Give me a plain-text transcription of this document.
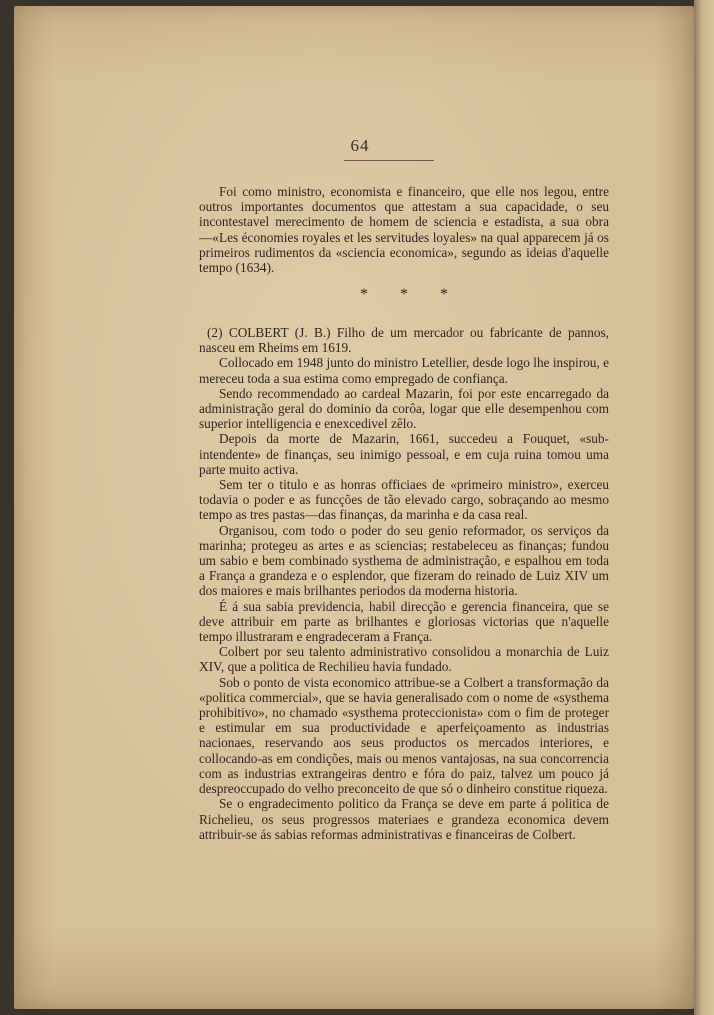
64

Foi como ministro, economista e financeiro, que elle nos legou, entre outros importantes documentos que attestam a sua capacidade, o seu incontestavel merecimento de homem de sciencia e estadista, a sua obra—«Les économies royales et les servitudes loyales» na qual apparecem já os primeiros rudimentos da «sciencia economica», segundo as ideias d'aquelle tempo (1634).

* * *

(2) COLBERT (J. B.) Filho de um mercador ou fabricante de pannos, nasceu em Rheims em 1619.

Collocado em 1948 junto do ministro Letellier, desde logo lhe inspirou, e mereceu toda a sua estima como empregado de confiança.

Sendo recommendado ao cardeal Mazarin, foi por este encarregado da administração geral do dominio da corôa, logar que elle desempenhou com superior intelligencia e enexcedivel zêlo.

Depois da morte de Mazarin, 1661, succedeu a Fouquet, «sub-intendente» de finanças, seu inimigo pessoal, e em cuja ruina tomou uma parte muito activa.

Sem ter o titulo e as honras officiaes de «primeiro ministro», exerceu todavia o poder e as funcções de tão elevado cargo, sobraçando ao mesmo tempo as tres pastas—das finanças, da marinha e da casa real.

Organisou, com todo o poder do seu genio reformador, os serviços da marinha; protegeu as artes e as sciencias; restabeleceu as finanças; fundou um sabio e bem combinado systhema de administração, e espalhou em toda a França a grandeza e o esplendor, que fizeram do reinado de Luiz XIV um dos maiores e mais brilhantes periodos da moderna historia.

É á sua sabia previdencia, habil direcção e gerencia financeira, que se deve attribuir em parte as brilhantes e gloriosas victorias que n'aquelle tempo illustraram e engradeceram a França.

Colbert por seu talento administrativo consolidou a monarchia de Luiz XIV, que a politica de Rechilieu havia fundado.

Sob o ponto de vista economico attribue-se a Colbert a transformação da «politica commercial», que se havia generalisado com o nome de «systhema prohibitivo», no chamado «systhema proteccionista» com o fim de proteger e estimular em sua productividade e aperfeiçoamento as industrias nacionaes, reservando aos seus productos os mercados interiores, e collocando-as em condições, mais ou menos vantajosas, na sua concorrencia com as industrias extrangeiras dentro e fóra do paiz, talvez um pouco já despreoccupado do velho preconceito de que só o dinheiro constitue riqueza.

Se o engradecimento politico da França se deve em parte á politica de Richelieu, os seus progressos materiaes e grandeza economica devem attribuir-se ás sabias reformas administrativas e financeiras de Colbert.
